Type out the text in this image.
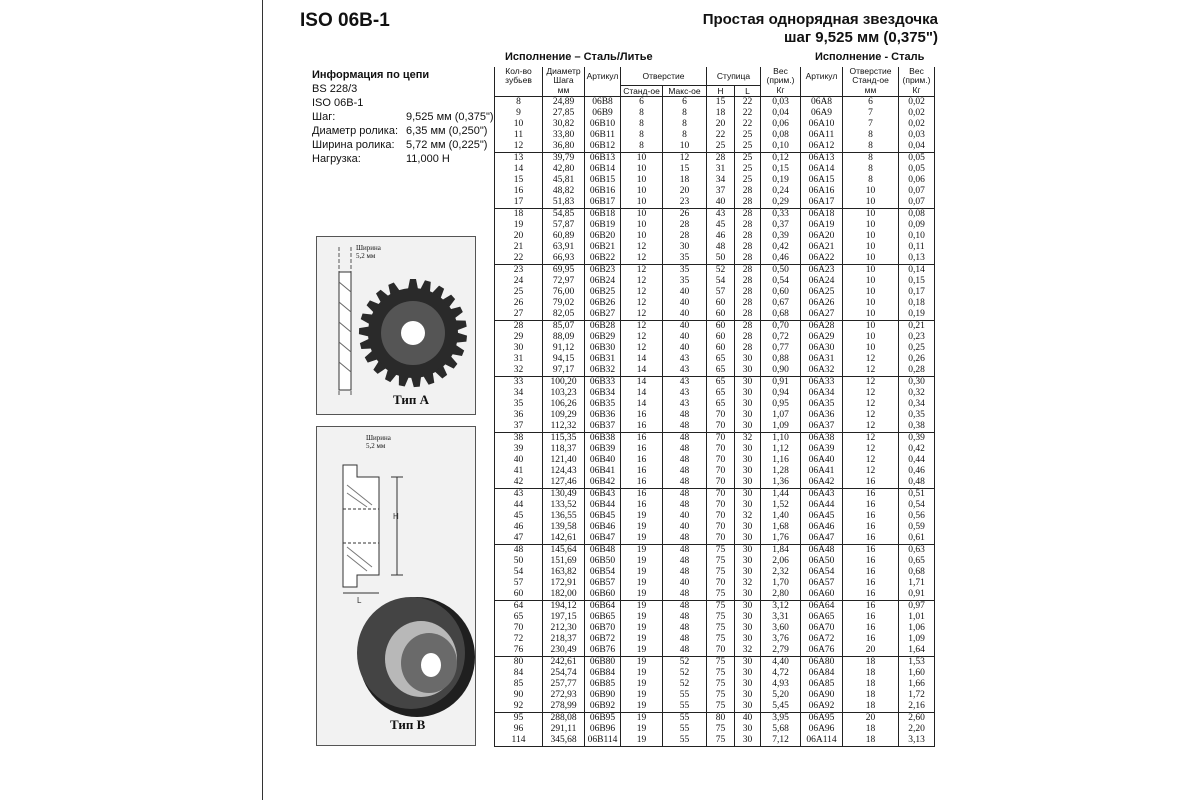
ISO 06B-1	Простая однорядная звездочка
шаг 9,525 мм (0,375")
Информация по цепи
BS 228/3
ISO 06B-1
Шаг:	9,525 мм (0,375")
Диаметр ролика: 6,35 мм (0,250")
Ширина ролика:	5,72 мм (0,225")
Нагрузка:	11,000 Н
Исполнение – Сталь/Литье	Исполнение - Сталь
Ширина
5,2 мм
Тип А
H
L
Ширина
5,2 мм
Тип B
Кол-во зубьев	Диаметр Шага	Артикул	Отверстие		Ступица		Вес (прим.)	Артикул	Отверстие Станд-ое	Вес (прим.)
	мм		Станд-ое	Макс-ое	H	L	Кг		мм	Кг
8	24,89	06B8	6	6	15	22	0,03	06A8	6	0,02
9	27,85	06B9	8	8	18	22	0,04	06A9	7	0,02
10	30,82	06B10	8	8	20	22	0,06	06A10	7	0,02
11	33,80	06B11	8	8	22	25	0,08	06A11	8	0,03
12	36,80	06B12	8	10	25	25	0,10	06A12	8	0,04
13	39,79	06B13	10	12	28	25	0,12	06A13	8	0,05
14	42,80	06B14	10	15	31	25	0,15	06A14	8	0,05
15	45,81	06B15	10	18	34	25	0,19	06A15	8	0,06
16	48,82	06B16	10	20	37	28	0,24	06A16	10	0,07
17	51,83	06B17	10	23	40	28	0,29	06A17	10	0,07
18	54,85	06B18	10	26	43	28	0,33	06A18	10	0,08
19	57,87	06B19	10	28	45	28	0,37	06A19	10	0,09
20	60,89	06B20	10	28	46	28	0,39	06A20	10	0,10
21	63,91	06B21	12	30	48	28	0,42	06A21	10	0,11
22	66,93	06B22	12	35	50	28	0,46	06A22	10	0,13
23	69,95	06B23	12	35	52	28	0,50	06A23	10	0,14
24	72,97	06B24	12	35	54	28	0,54	06A24	10	0,15
25	76,00	06B25	12	40	57	28	0,60	06A25	10	0,17
26	79,02	06B26	12	40	60	28	0,67	06A26	10	0,18
27	82,05	06B27	12	40	60	28	0,68	06A27	10	0,19
28	85,07	06B28	12	40	60	28	0,70	06A28	10	0,21
29	88,09	06B29	12	40	60	28	0,72	06A29	10	0,23
30	91,12	06B30	12	40	60	28	0,77	06A30	10	0,25
31	94,15	06B31	14	43	65	30	0,88	06A31	12	0,26
32	97,17	06B32	14	43	65	30	0,90	06A32	12	0,28
33	100,20	06B33	14	43	65	30	0,91	06A33	12	0,30
34	103,23	06B34	14	43	65	30	0,94	06A34	12	0,32
35	106,26	06B35	14	43	65	30	0,95	06A35	12	0,34
36	109,29	06B36	16	48	70	30	1,07	06A36	12	0,35
37	112,32	06B37	16	48	70	30	1,09	06A37	12	0,38
38	115,35	06B38	16	48	70	32	1,10	06A38	12	0,39
39	118,37	06B39	16	48	70	30	1,12	06A39	12	0,42
40	121,40	06B40	16	48	70	30	1,16	06A40	12	0,44
41	124,43	06B41	16	48	70	30	1,28	06A41	12	0,46
42	127,46	06B42	16	48	70	30	1,36	06A42	16	0,48
43	130,49	06B43	16	48	70	30	1,44	06A43	16	0,51
44	133,52	06B44	16	48	70	30	1,52	06A44	16	0,54
45	136,55	06B45	19	40	70	32	1,40	06A45	16	0,56
46	139,58	06B46	19	40	70	30	1,68	06A46	16	0,59
47	142,61	06B47	19	48	70	30	1,76	06A47	16	0,61
48	145,64	06B48	19	48	75	30	1,84	06A48	16	0,63
50	151,69	06B50	19	48	75	30	2,06	06A50	16	0,65
54	163,82	06B54	19	48	75	30	2,32	06A54	16	0,68
57	172,91	06B57	19	40	70	32	1,70	06A57	16	1,71
60	182,00	06B60	19	48	75	30	2,80	06A60	16	0,91
64	194,12	06B64	19	48	75	30	3,12	06A64	16	0,97
65	197,15	06B65	19	48	75	30	3,31	06A65	16	1,01
70	212,30	06B70	19	48	75	30	3,60	06A70	16	1,06
72	218,37	06B72	19	48	75	30	3,76	06A72	16	1,09
76	230,49	06B76	19	48	70	32	2,79	06A76	20	1,64
80	242,61	06B80	19	52	75	30	4,40	06A80	18	1,53
84	254,74	06B84	19	52	75	30	4,72	06A84	18	1,60
85	257,77	06B85	19	52	75	30	4,93	06A85	18	1,66
90	272,93	06B90	19	55	75	30	5,20	06A90	18	1,72
92	278,99	06B92	19	55	75	30	5,45	06A92	18	2,16
95	288,08	06B95	19	55	80	40	3,95	06A95	20	2,60
96	291,11	06B96	19	55	75	30	5,68	06A96	18	2,20
114	345,68	06B114	19	55	75	30	7,12	06A114	18	3,13
